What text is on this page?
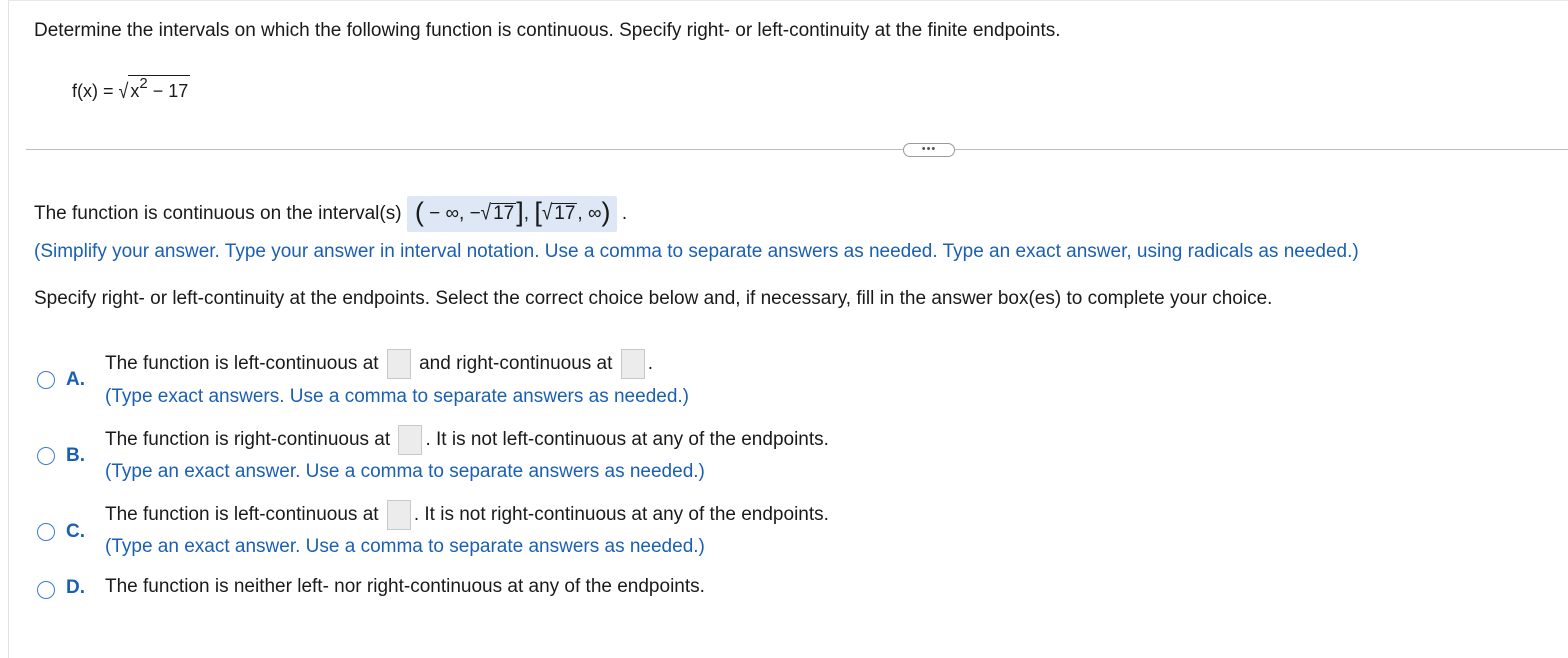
Determine the intervals on which the following function is continuous. Specify right- or left-continuity at the finite endpoints.
f(x) = √ $x^2 - 17$
•••
The function is continuous on the interval(s) ( − ∞, −√ 17], [√ 17 , ∞) .
(Simplify your answer. Type your answer in interval notation. Use a comma to separate answers as needed. Type an exact answer, using radicals as needed.)
Specify right- or left-continuity at the endpoints. Select the correct choice below and, if necessary, fill in the answer box(es) to complete your choice.
A.
The function is left-continuous at and right-continuous at .
(Type exact answers. Use a comma to separate answers as needed.)
B.
The function is right-continuous at . It is not left-continuous at any of the endpoints.
(Type an exact answer. Use a comma to separate answers as needed.)
C.
The function is left-continuous at . It is not right-continuous at any of the endpoints.
(Type an exact answer. Use a comma to separate answers as needed.)
D. The function is neither left- nor right-continuous at any of the endpoints.
